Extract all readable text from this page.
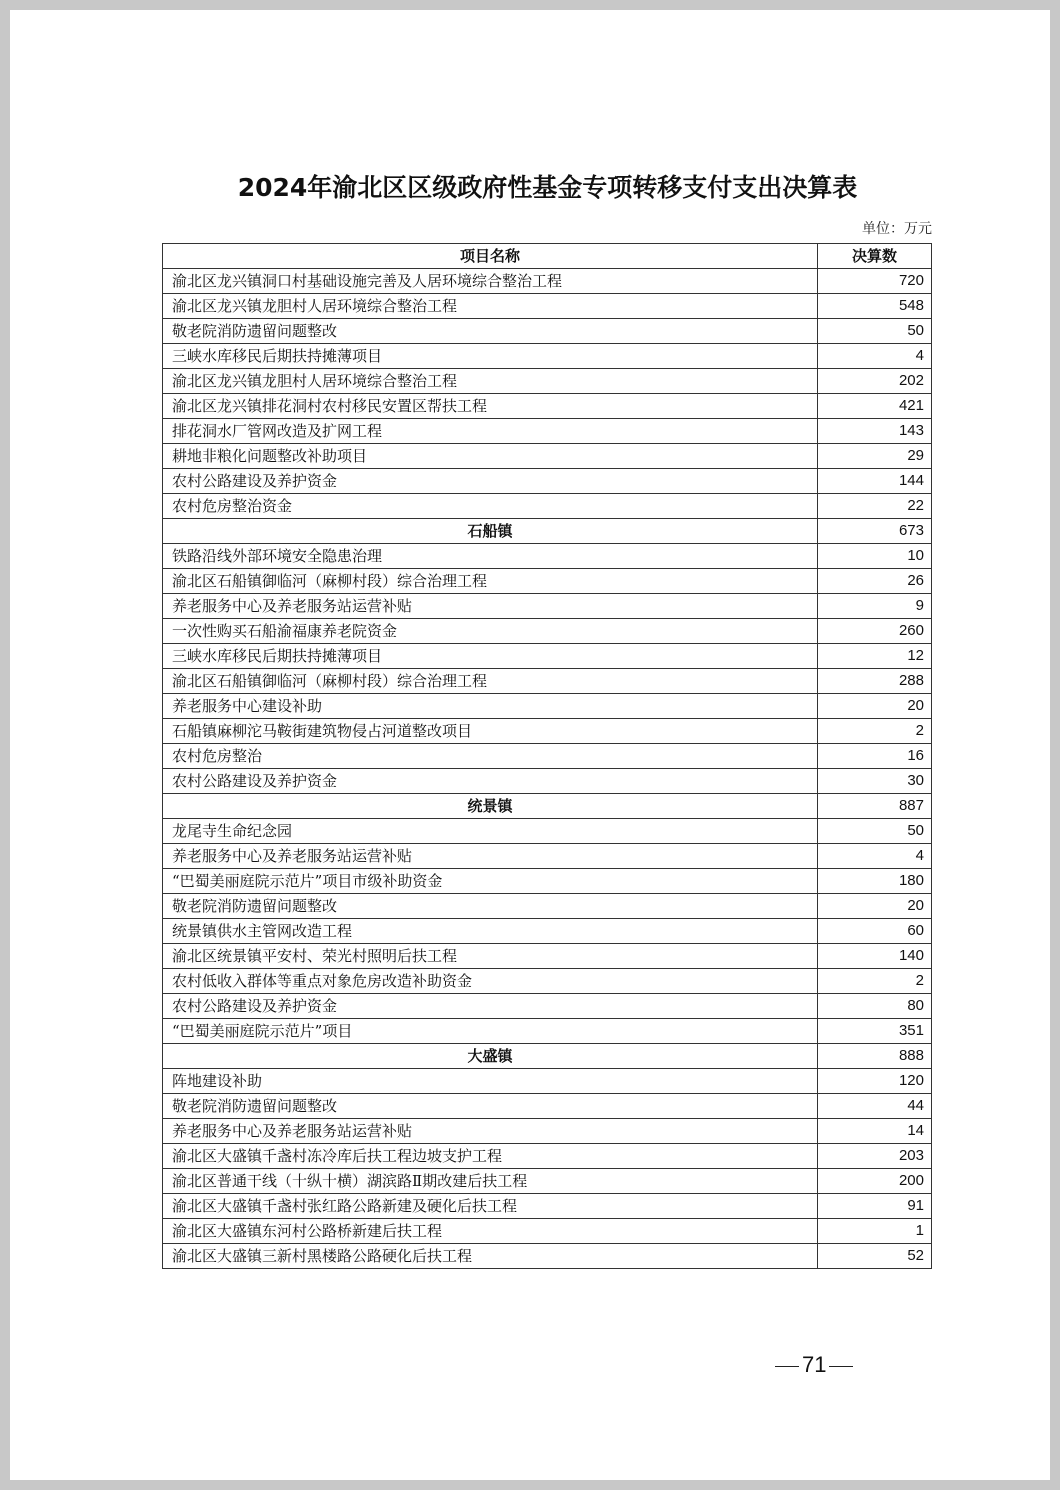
2024年渝北区区级政府性基金专项转移支付支出决算表
单位：万元
项目名称	决算数
渝北区龙兴镇洞口村基础设施完善及人居环境综合整治工程	720
渝北区龙兴镇龙胆村人居环境综合整治工程	548
敬老院消防遗留问题整改	50
三峡水库移民后期扶持摊薄项目	4
渝北区龙兴镇龙胆村人居环境综合整治工程	202
渝北区龙兴镇排花洞村农村移民安置区帮扶工程	421
排花洞水厂管网改造及扩网工程	143
耕地非粮化问题整改补助项目	29
农村公路建设及养护资金	144
农村危房整治资金	22
石船镇	673
铁路沿线外部环境安全隐患治理	10
渝北区石船镇御临河（麻柳村段）综合治理工程	26
养老服务中心及养老服务站运营补贴	9
一次性购买石船渝福康养老院资金	260
三峡水库移民后期扶持摊薄项目	12
渝北区石船镇御临河（麻柳村段）综合治理工程	288
养老服务中心建设补助	20
石船镇麻柳沱马鞍街建筑物侵占河道整改项目	2
农村危房整治	16
农村公路建设及养护资金	30
统景镇	887
龙尾寺生命纪念园	50
养老服务中心及养老服务站运营补贴	4
“巴蜀美丽庭院示范片”项目市级补助资金	180
敬老院消防遗留问题整改	20
统景镇供水主管网改造工程	60
渝北区统景镇平安村、荣光村照明后扶工程	140
农村低收入群体等重点对象危房改造补助资金	2
农村公路建设及养护资金	80
“巴蜀美丽庭院示范片”项目	351
大盛镇	888
阵地建设补助	120
敬老院消防遗留问题整改	44
养老服务中心及养老服务站运营补贴	14
渝北区大盛镇千盏村冻冷库后扶工程边坡支护工程	203
渝北区普通干线（十纵十横）湖滨路Ⅱ期改建后扶工程	200
渝北区大盛镇千盏村张红路公路新建及硬化后扶工程	91
渝北区大盛镇东河村公路桥新建后扶工程	1
渝北区大盛镇三新村黑楼路公路硬化后扶工程	52
71
